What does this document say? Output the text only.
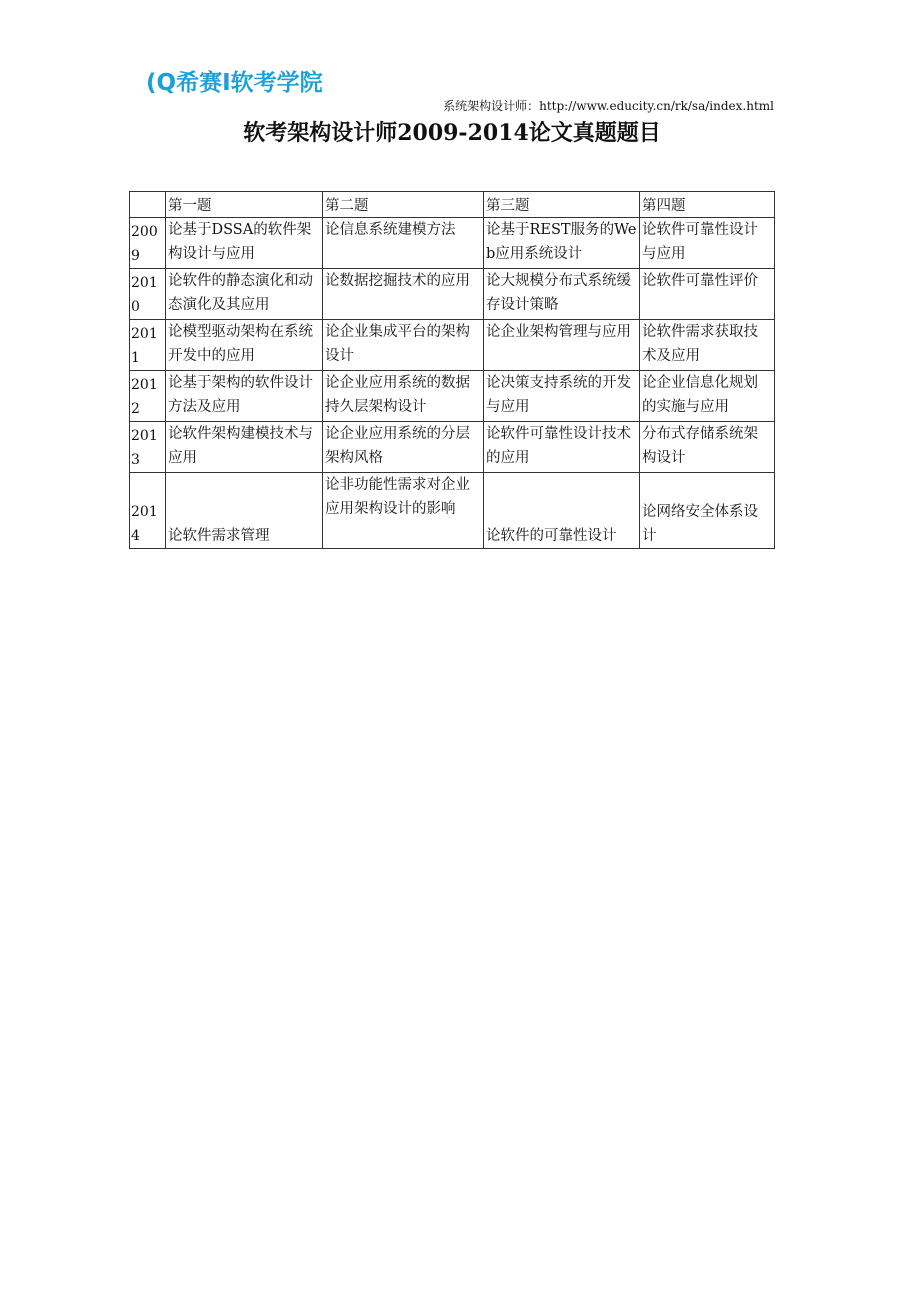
(Q希赛I软考学院
系统架构设计师：http://www.educity.cn/rk/sa/index.html
软考架构设计师2009-2014论文真题题目
	第一题	第二题	第三题	第四题
2009	论基于DSSA的软件架构设计与应用	论信息系统建模方法	论基于REST服务的Web应用系统设计	论软件可靠性设计与应用
2010	论软件的静态演化和动态演化及其应用	论数据挖掘技术的应用	论大规模分布式系统缓存设计策略	论软件可靠性评价
2011	论模型驱动架构在系统开发中的应用	论企业集成平台的架构设计	论企业架构管理与应用	论软件需求获取技术及应用
2012	论基于架构的软件设计方法及应用	论企业应用系统的数据持久层架构设计	论决策支持系统的开发与应用	论企业信息化规划的实施与应用
2013	论软件架构建模技术与应用	论企业应用系统的分层架构风格	论软件可靠性设计技术的应用	分布式存储系统架构设计
2014	论软件需求管理	论非功能性需求对企业应用架构设计的影响	论软件的可靠性设计	论网络安全体系设计
